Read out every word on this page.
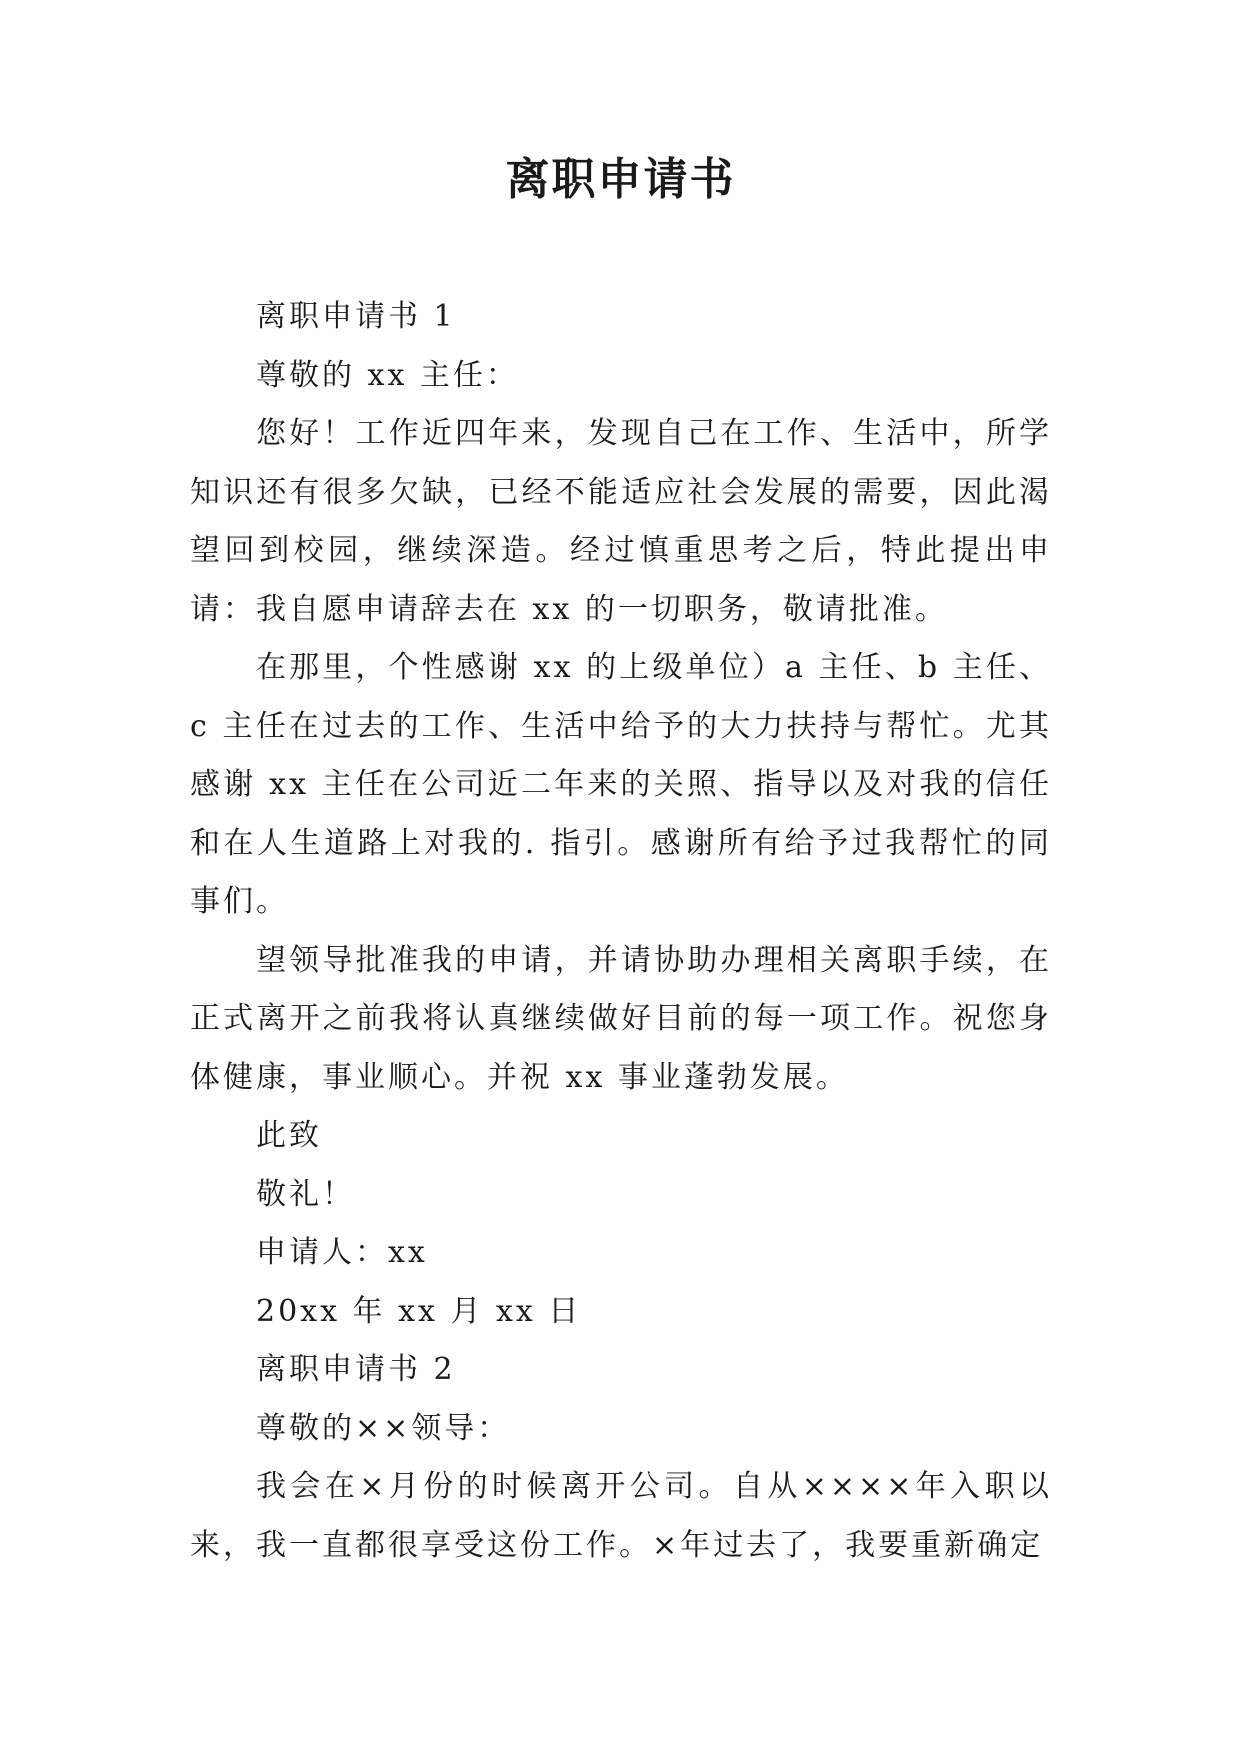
离职申请书

离职申请书 1

尊敬的 xx 主任：

您好！工作近四年来，发现自己在工作、生活中，所学知识还有很多欠缺，已经不能适应社会发展的需要，因此渴望回到校园，继续深造。经过慎重思考之后，特此提出申请：我自愿申请辞去在 xx 的一切职务，敬请批准。

在那里，个性感谢 xx 的上级单位）a 主任、b 主任、c 主任在过去的工作、生活中给予的大力扶持与帮忙。尤其感谢 xx 主任在公司近二年来的关照、指导以及对我的信任和在人生道路上对我的. 指引。感谢所有给予过我帮忙的同事们。

望领导批准我的申请，并请协助办理相关离职手续，在正式离开之前我将认真继续做好目前的每一项工作。祝您身体健康，事业顺心。并祝 xx 事业蓬勃发展。

此致

敬礼！

申请人：xx

20xx 年 xx 月 xx 日

离职申请书 2

尊敬的××领导：

我会在×月份的时候离开公司。自从××××年入职以来，我一直都很享受这份工作。×年过去了，我要重新确定
